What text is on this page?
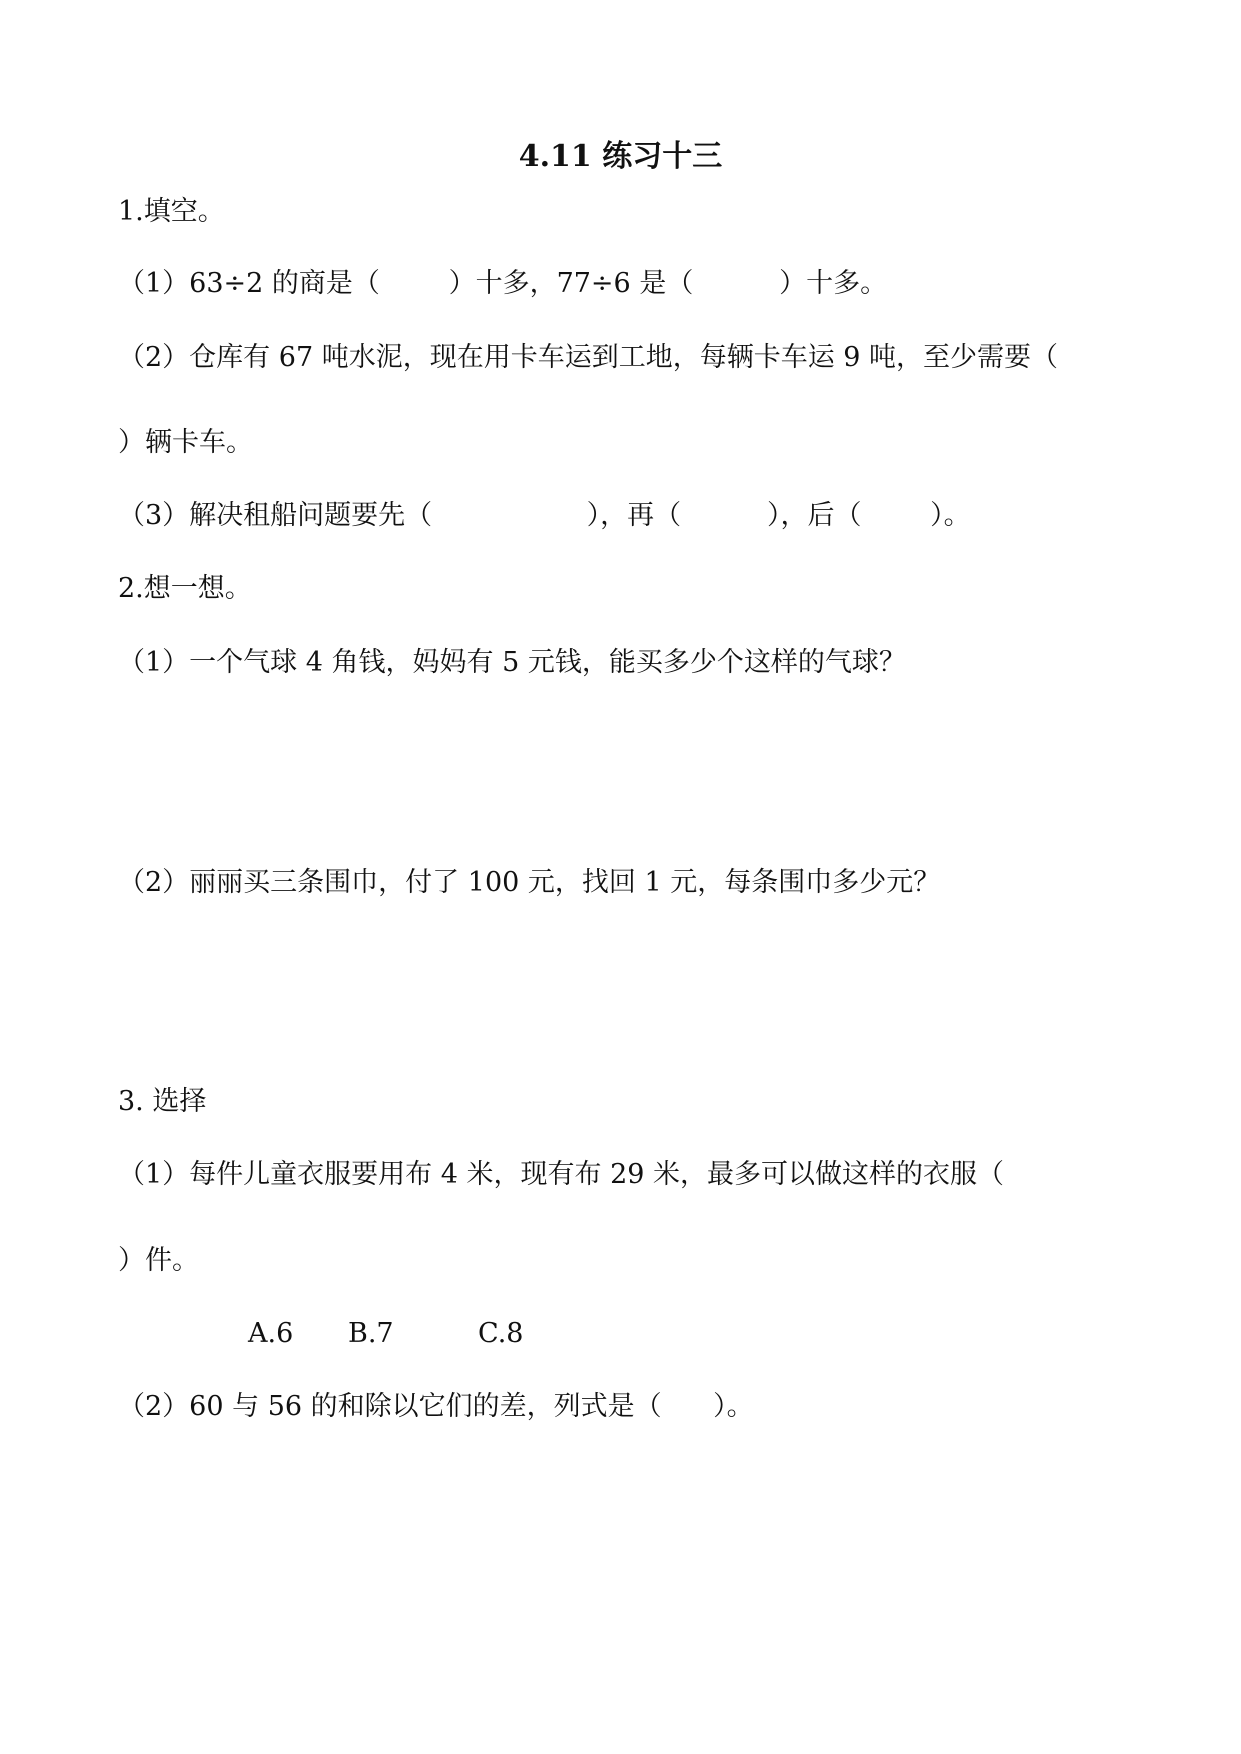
4.11 练习十三

1.填空。

（1）63÷2 的商是（        ）十多，77÷6 是（          ）十多。

（2）仓库有 67 吨水泥，现在用卡车运到工地，每辆卡车运 9 吨，至少需要（

）辆卡车。

（3）解决租船问题要先（                  ），再（          ），后（        ）。

2.想一想。

（1）一个气球 4 角钱，妈妈有 5 元钱，能买多少个这样的气球？

（2）丽丽买三条围巾，付了 100 元，找回 1 元，每条围巾多少元？

3. 选择

（1）每件儿童衣服要用布 4 米，现有布 29 米，最多可以做这样的衣服（

）件。

A.6 B.7	C.8

（2）60 与 56 的和除以它们的差，列式是（      ）。
